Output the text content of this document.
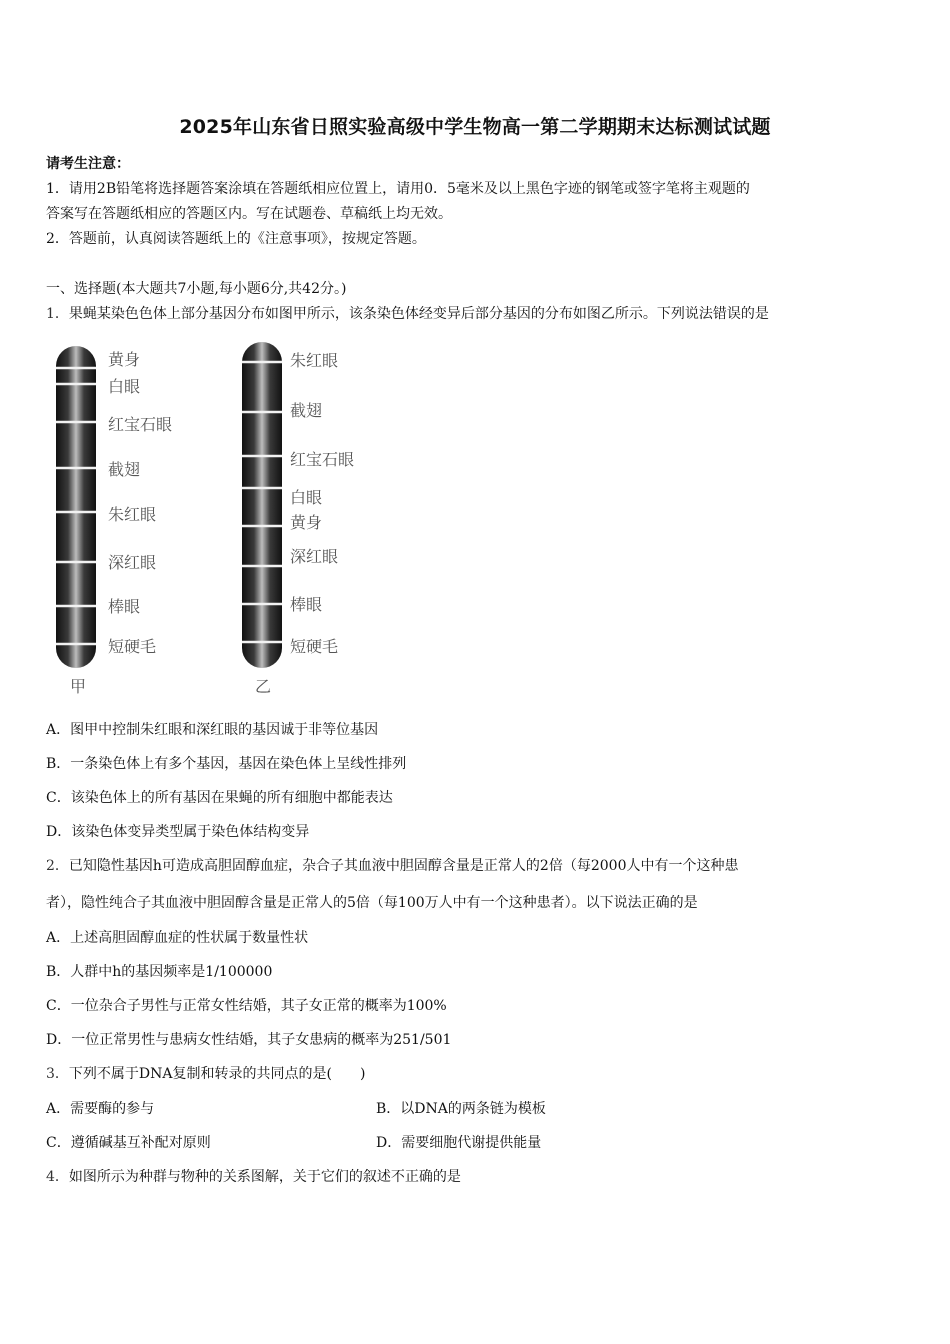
2025年山东省日照实验高级中学生物高一第二学期期末达标测试试题
请考生注意：
1．请用2B铅笔将选择题答案涂填在答题纸相应位置上，请用0．5毫米及以上黑色字迹的钢笔或签字笔将主观题的
答案写在答题纸相应的答题区内。写在试题卷、草稿纸上均无效。
2．答题前，认真阅读答题纸上的《注意事项》，按规定答题。
一、选择题(本大题共7小题,每小题6分,共42分。)
1．果蝇某染色色体上部分基因分布如图甲所示，该条染色体经变异后部分基因的分布如图乙所示。下列说法错误的是
黄身
白眼
红宝石眼
截翅
朱红眼
深红眼
棒眼
短硬毛
甲
朱红眼
截翅
红宝石眼
白眼
黄身
深红眼
棒眼
短硬毛
乙
A．图甲中控制朱红眼和深红眼的基因诚于非等位基因
B．一条染色体上有多个基因，基因在染色体上呈线性排列
C．该染色体上的所有基因在果蝇的所有细胞中都能表达
D．该染色体变异类型属于染色体结构变异
2．已知隐性基因h可造成高胆固醇血症，杂合子其血液中胆固醇含量是正常人的2倍（每2000人中有一个这种患
者），隐性纯合子其血液中胆固醇含量是正常人的5倍（每100万人中有一个这种患者）。以下说法正确的是
A．上述高胆固醇血症的性状属于数量性状
B．人群中h的基因频率是1/100000
C．一位杂合子男性与正常女性结婚，其子女正常的概率为100%
D．一位正常男性与患病女性结婚，其子女患病的概率为251/501
3．下列不属于DNA复制和转录的共同点的是(　　)
A．需要酶的参与	B．以DNA的两条链为模板
C．遵循碱基互补配对原则	D．需要细胞代谢提供能量
4．如图所示为种群与物种的关系图解，关于它们的叙述不正确的是
